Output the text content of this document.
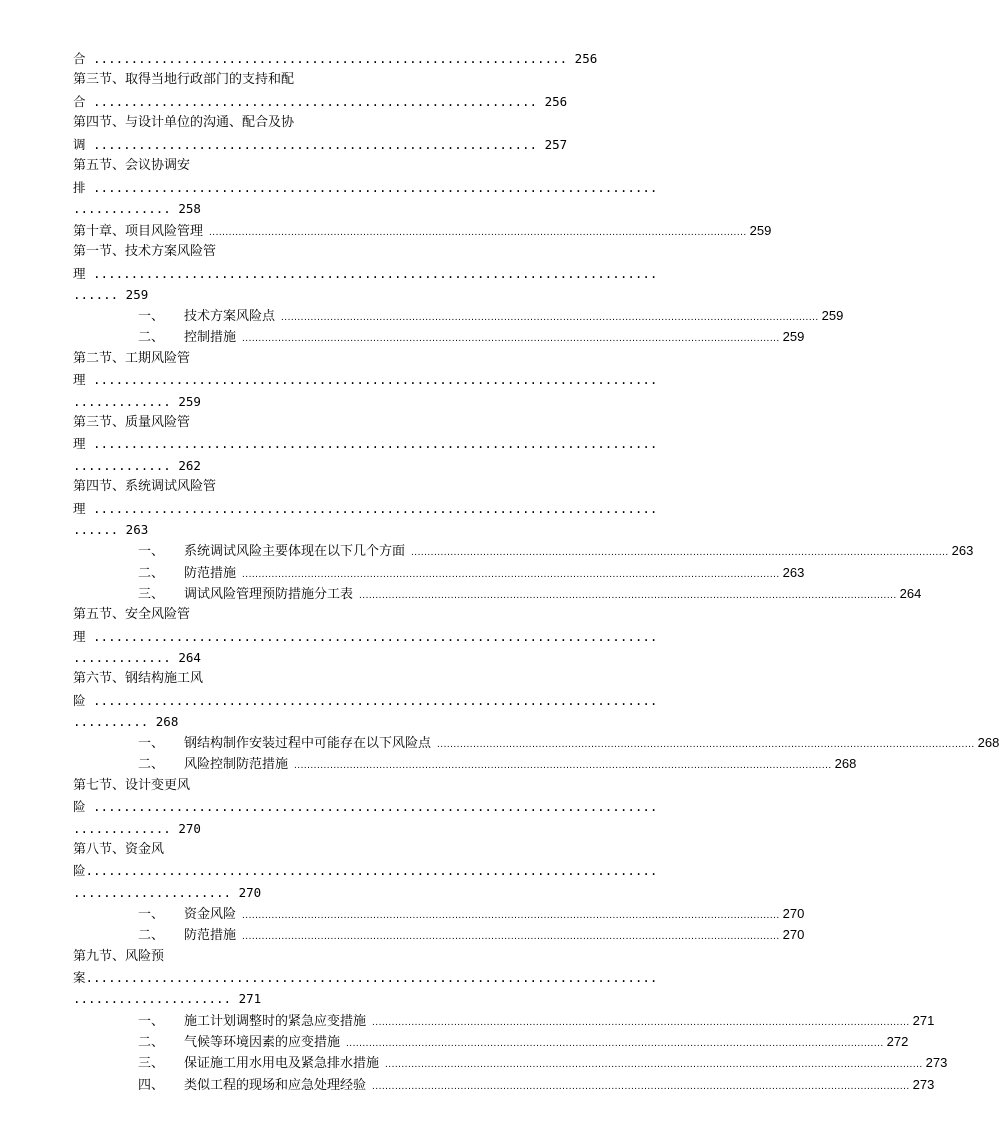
合 ............................................................... 256
第三节、取得当地行政部门的支持和配
合 ........................................................... 256
第四节、与设计单位的沟通、配合及协
调 ........................................................... 257
第五节、会议协调安
排 ...........................................................................
............. 258
第十章、项目风险管理 .................................................................................................................................................................... 259
第一节、技术方案风险管
理 ...........................................................................
...... 259
一、	技术方案风险点 .................................................................................................................................................................... 259
二、	控制措施 .................................................................................................................................................................... 259
第二节、工期风险管
理 ...........................................................................
............. 259
第三节、质量风险管
理 ...........................................................................
............. 262
第四节、系统调试风险管
理 ...........................................................................
...... 263
一、	系统调试风险主要体现在以下几个方面 .................................................................................................................................................................... 263
二、	防范措施 .................................................................................................................................................................... 263
三、	调试风险管理预防措施分工表 .................................................................................................................................................................... 264
第五节、安全风险管
理 ...........................................................................
............. 264
第六节、钢结构施工风
险 ...........................................................................
.......... 268
一、	钢结构制作安装过程中可能存在以下风险点 .................................................................................................................................................................... 268
二、	风险控制防范措施 .................................................................................................................................................................... 268
第七节、设计变更风
险 ...........................................................................
............. 270
第八节、资金风
险............................................................................
..................... 270
一、	资金风险 .................................................................................................................................................................... 270
二、	防范措施 .................................................................................................................................................................... 270
第九节、风险预
案............................................................................
..................... 271
一、	施工计划调整时的紧急应变措施 .................................................................................................................................................................... 271
二、	气候等环境因素的应变措施 .................................................................................................................................................................... 272
三、	保证施工用水用电及紧急排水措施 .................................................................................................................................................................... 273
四、	类似工程的现场和应急处理经验 .................................................................................................................................................................... 273
